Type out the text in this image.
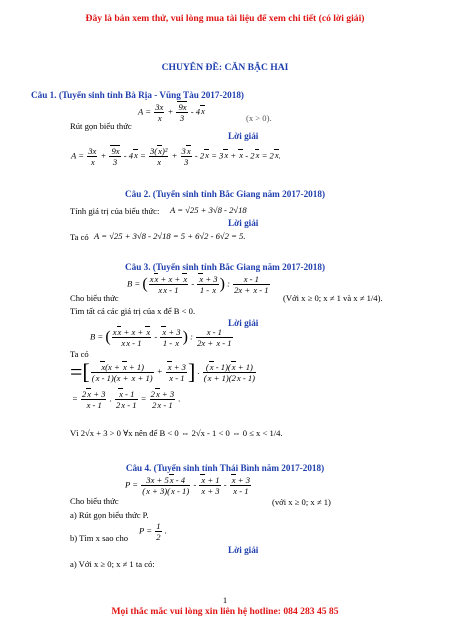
Đây là bản xem thử, vui lòng mua tài liệu để xem chi tiết (có lời giải)
CHUYÊN ĐỀ: CĂN BẬC HAI
Câu 1. (Tuyển sinh tỉnh Bà Rịa - Vũng Tàu 2017-2018)
Rút gọn biểu thức
$A = \frac{3x}{x} + \frac{9x}{3} - 4x$
(x > 0).
Lời giải
$A = \frac{3x}{x} + \frac{9x}{3} - 4x = \frac{\text{3(x)²}}{x} + \frac{3x}{3} - 2x = 3x + x - 2x = 2x$.
Câu 2. (Tuyển sinh tỉnh Bắc Giang năm 2017-2018)
Tính giá trị của biểu thức: A = √25 + 3√8 - 2√18
Lời giải
Ta có A = √25 + 3√8 - 2√18 = 5 + 6√2 - 6√2 = 5.
Câu 3. (Tuyển sinh tỉnh Bắc Giang năm 2017-2018)
B = ( $\frac{xx + x + x}{xx - 1} - \frac{x + 3}{1 - x}$ ) : $\frac{x - 1}{2x + x - 1}$
Cho biểu thức	(Với x ≥ 0; x ≠ 1 và x ≠ 1/4).
Tìm tất cả các giá trị của x để B < 0.
Lời giải
B = ( $\frac{xx + x + x}{xx - 1} - \frac{x + 3}{1 - x}$ ) : $\frac{x - 1}{2x + x - 1}$
Ta có
=[ $\frac{x(x + x + 1)}{(x - 1)(x + x + 1)} + \frac{x + 3}{x - 1}$ ] . $\frac{(x - 1)(x + 1)}{(x + 1)(2x - 1)}$
= $\frac{2x + 3}{x - 1}$ . $\frac{x - 1}{2x - 1} = \frac{2x + 3}{2x - 1}$ .
Vì 2√x + 3 > 0 ∀x nên để B < 0 ⇔ 2√x - 1 < 0 ⇔ 0 ≤ x < 1/4.
Câu 4. (Tuyển sinh tỉnh Thái Bình năm 2017-2018)
$P = \frac{3x + 5x - 4}{(x + 3)(x - 1)} - \frac{x + 1}{x + 3} - \frac{x + 3}{x - 1}$
Cho biểu thức	(với x ≥ 0; x ≠ 1)
a) Rút gọn biểu thức P.
b) Tìm x sao cho
$P = \frac{1}{2}$ .
Lời giải
a) Với x ≥ 0; x ≠ 1 ta có:
1
Mọi thắc mắc vui lòng xin liên hệ hotline: 084 283 45 85
